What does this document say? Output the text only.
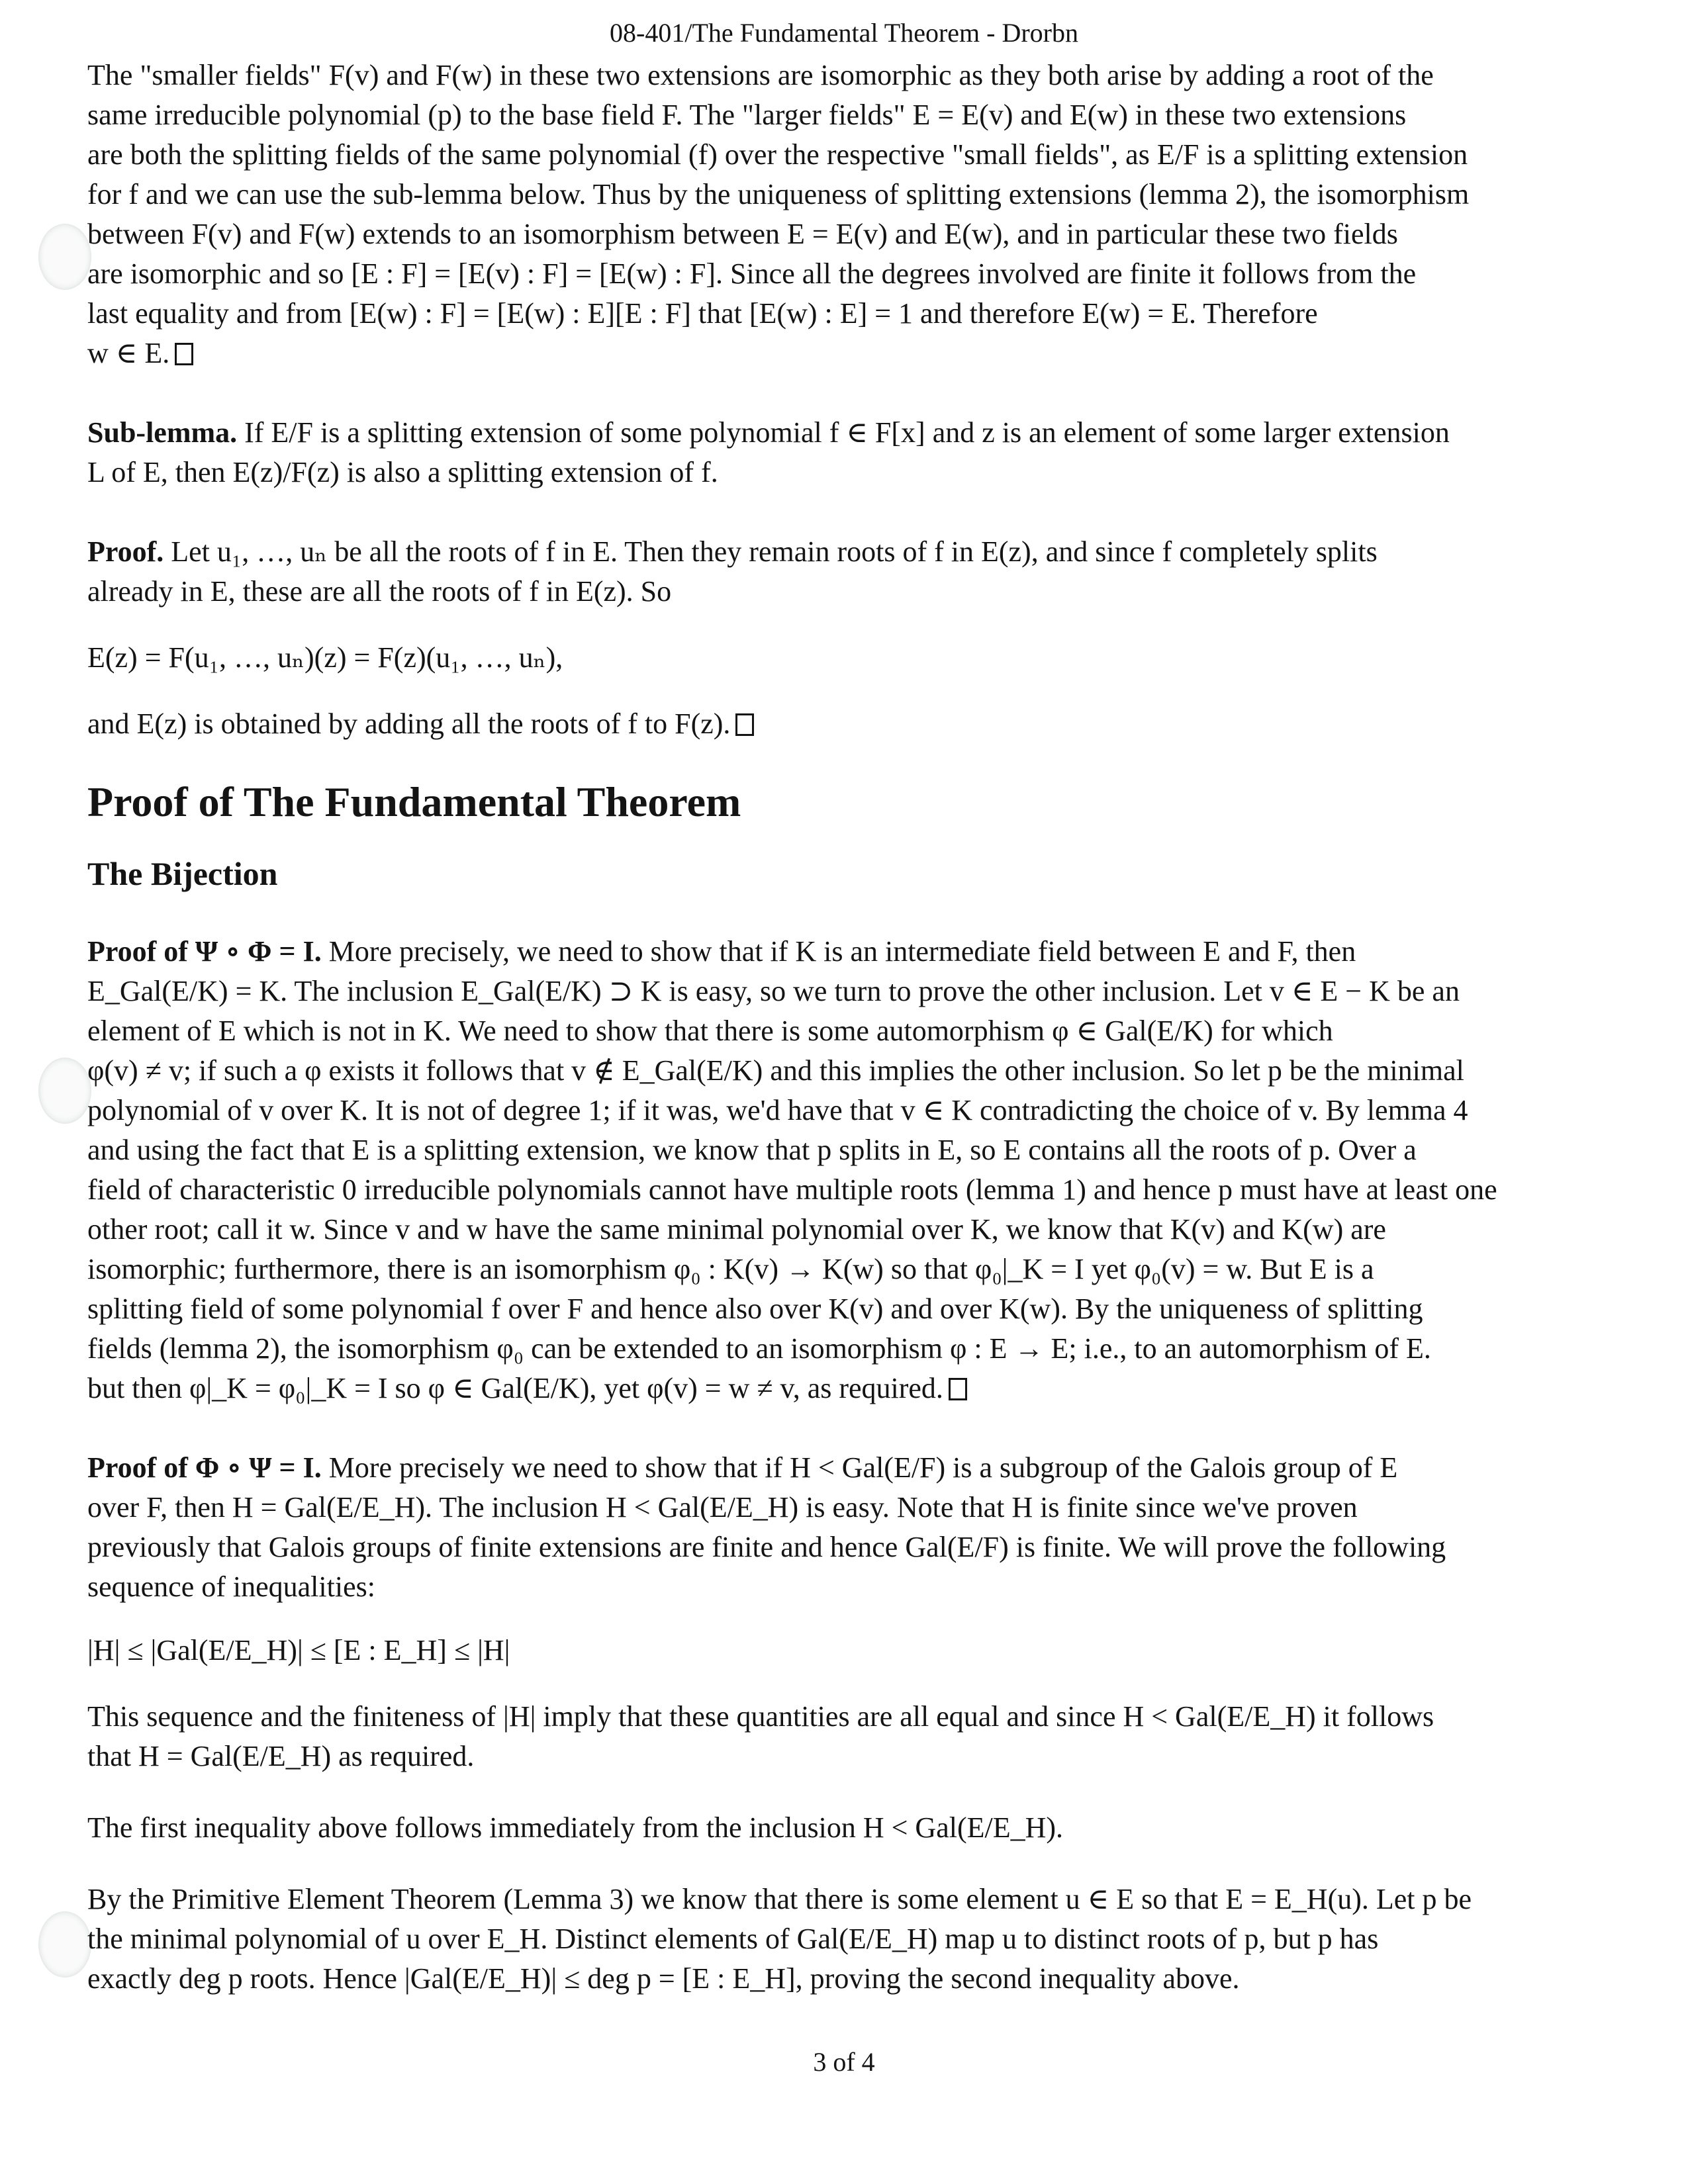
08-401/The Fundamental Theorem - Drorbn
The "smaller fields" F(v) and F(w) in these two extensions are isomorphic as they both arise by adding a root of the
same irreducible polynomial (p) to the base field F. The "larger fields" E = E(v) and E(w) in these two extensions
are both the splitting fields of the same polynomial (f) over the respective "small fields", as E/F is a splitting extension
for f and we can use the sub-lemma below. Thus by the uniqueness of splitting extensions (lemma 2), the isomorphism
between F(v) and F(w) extends to an isomorphism between E = E(v) and E(w), and in particular these two fields
are isomorphic and so [E : F] = [E(v) : F] = [E(w) : F]. Since all the degrees involved are finite it follows from the
last equality and from [E(w) : F] = [E(w) : E][E : F] that [E(w) : E] = 1 and therefore E(w) = E. Therefore
w ∈ E.
Sub-lemma. If E/F is a splitting extension of some polynomial f ∈ F[x] and z is an element of some larger extension
L of E, then E(z)/F(z) is also a splitting extension of f.
Proof. Let u₁, …, uₙ be all the roots of f in E. Then they remain roots of f in E(z), and since f completely splits
already in E, these are all the roots of f in E(z). So
E(z) = F(u₁, …, uₙ)(z) = F(z)(u₁, …, uₙ),
and E(z) is obtained by adding all the roots of f to F(z).
Proof of The Fundamental Theorem
The Bijection
Proof of Ψ ∘ Φ = I. More precisely, we need to show that if K is an intermediate field between E and F, then
E_Gal(E/K) = K. The inclusion E_Gal(E/K) ⊃ K is easy, so we turn to prove the other inclusion. Let v ∈ E − K be an
element of E which is not in K. We need to show that there is some automorphism φ ∈ Gal(E/K) for which
φ(v) ≠ v; if such a φ exists it follows that v ∉ E_Gal(E/K) and this implies the other inclusion. So let p be the minimal
polynomial of v over K. It is not of degree 1; if it was, we'd have that v ∈ K contradicting the choice of v. By lemma 4
and using the fact that E is a splitting extension, we know that p splits in E, so E contains all the roots of p. Over a
field of characteristic 0 irreducible polynomials cannot have multiple roots (lemma 1) and hence p must have at least one
other root; call it w. Since v and w have the same minimal polynomial over K, we know that K(v) and K(w) are
isomorphic; furthermore, there is an isomorphism φ₀ : K(v) → K(w) so that φ₀|_K = I yet φ₀(v) = w. But E is a
splitting field of some polynomial f over F and hence also over K(v) and over K(w). By the uniqueness of splitting
fields (lemma 2), the isomorphism φ₀ can be extended to an isomorphism φ : E → E; i.e., to an automorphism of E.
but then φ|_K = φ₀|_K = I so φ ∈ Gal(E/K), yet φ(v) = w ≠ v, as required.
Proof of Φ ∘ Ψ = I. More precisely we need to show that if H < Gal(E/F) is a subgroup of the Galois group of E
over F, then H = Gal(E/E_H). The inclusion H < Gal(E/E_H) is easy. Note that H is finite since we've proven
previously that Galois groups of finite extensions are finite and hence Gal(E/F) is finite. We will prove the following
sequence of inequalities:
|H| ≤ |Gal(E/E_H)| ≤ [E : E_H] ≤ |H|
This sequence and the finiteness of |H| imply that these quantities are all equal and since H < Gal(E/E_H) it follows
that H = Gal(E/E_H) as required.
The first inequality above follows immediately from the inclusion H < Gal(E/E_H).
By the Primitive Element Theorem (Lemma 3) we know that there is some element u ∈ E so that E = E_H(u). Let p be
the minimal polynomial of u over E_H. Distinct elements of Gal(E/E_H) map u to distinct roots of p, but p has
exactly deg p roots. Hence |Gal(E/E_H)| ≤ deg p = [E : E_H], proving the second inequality above.
3 of 4
